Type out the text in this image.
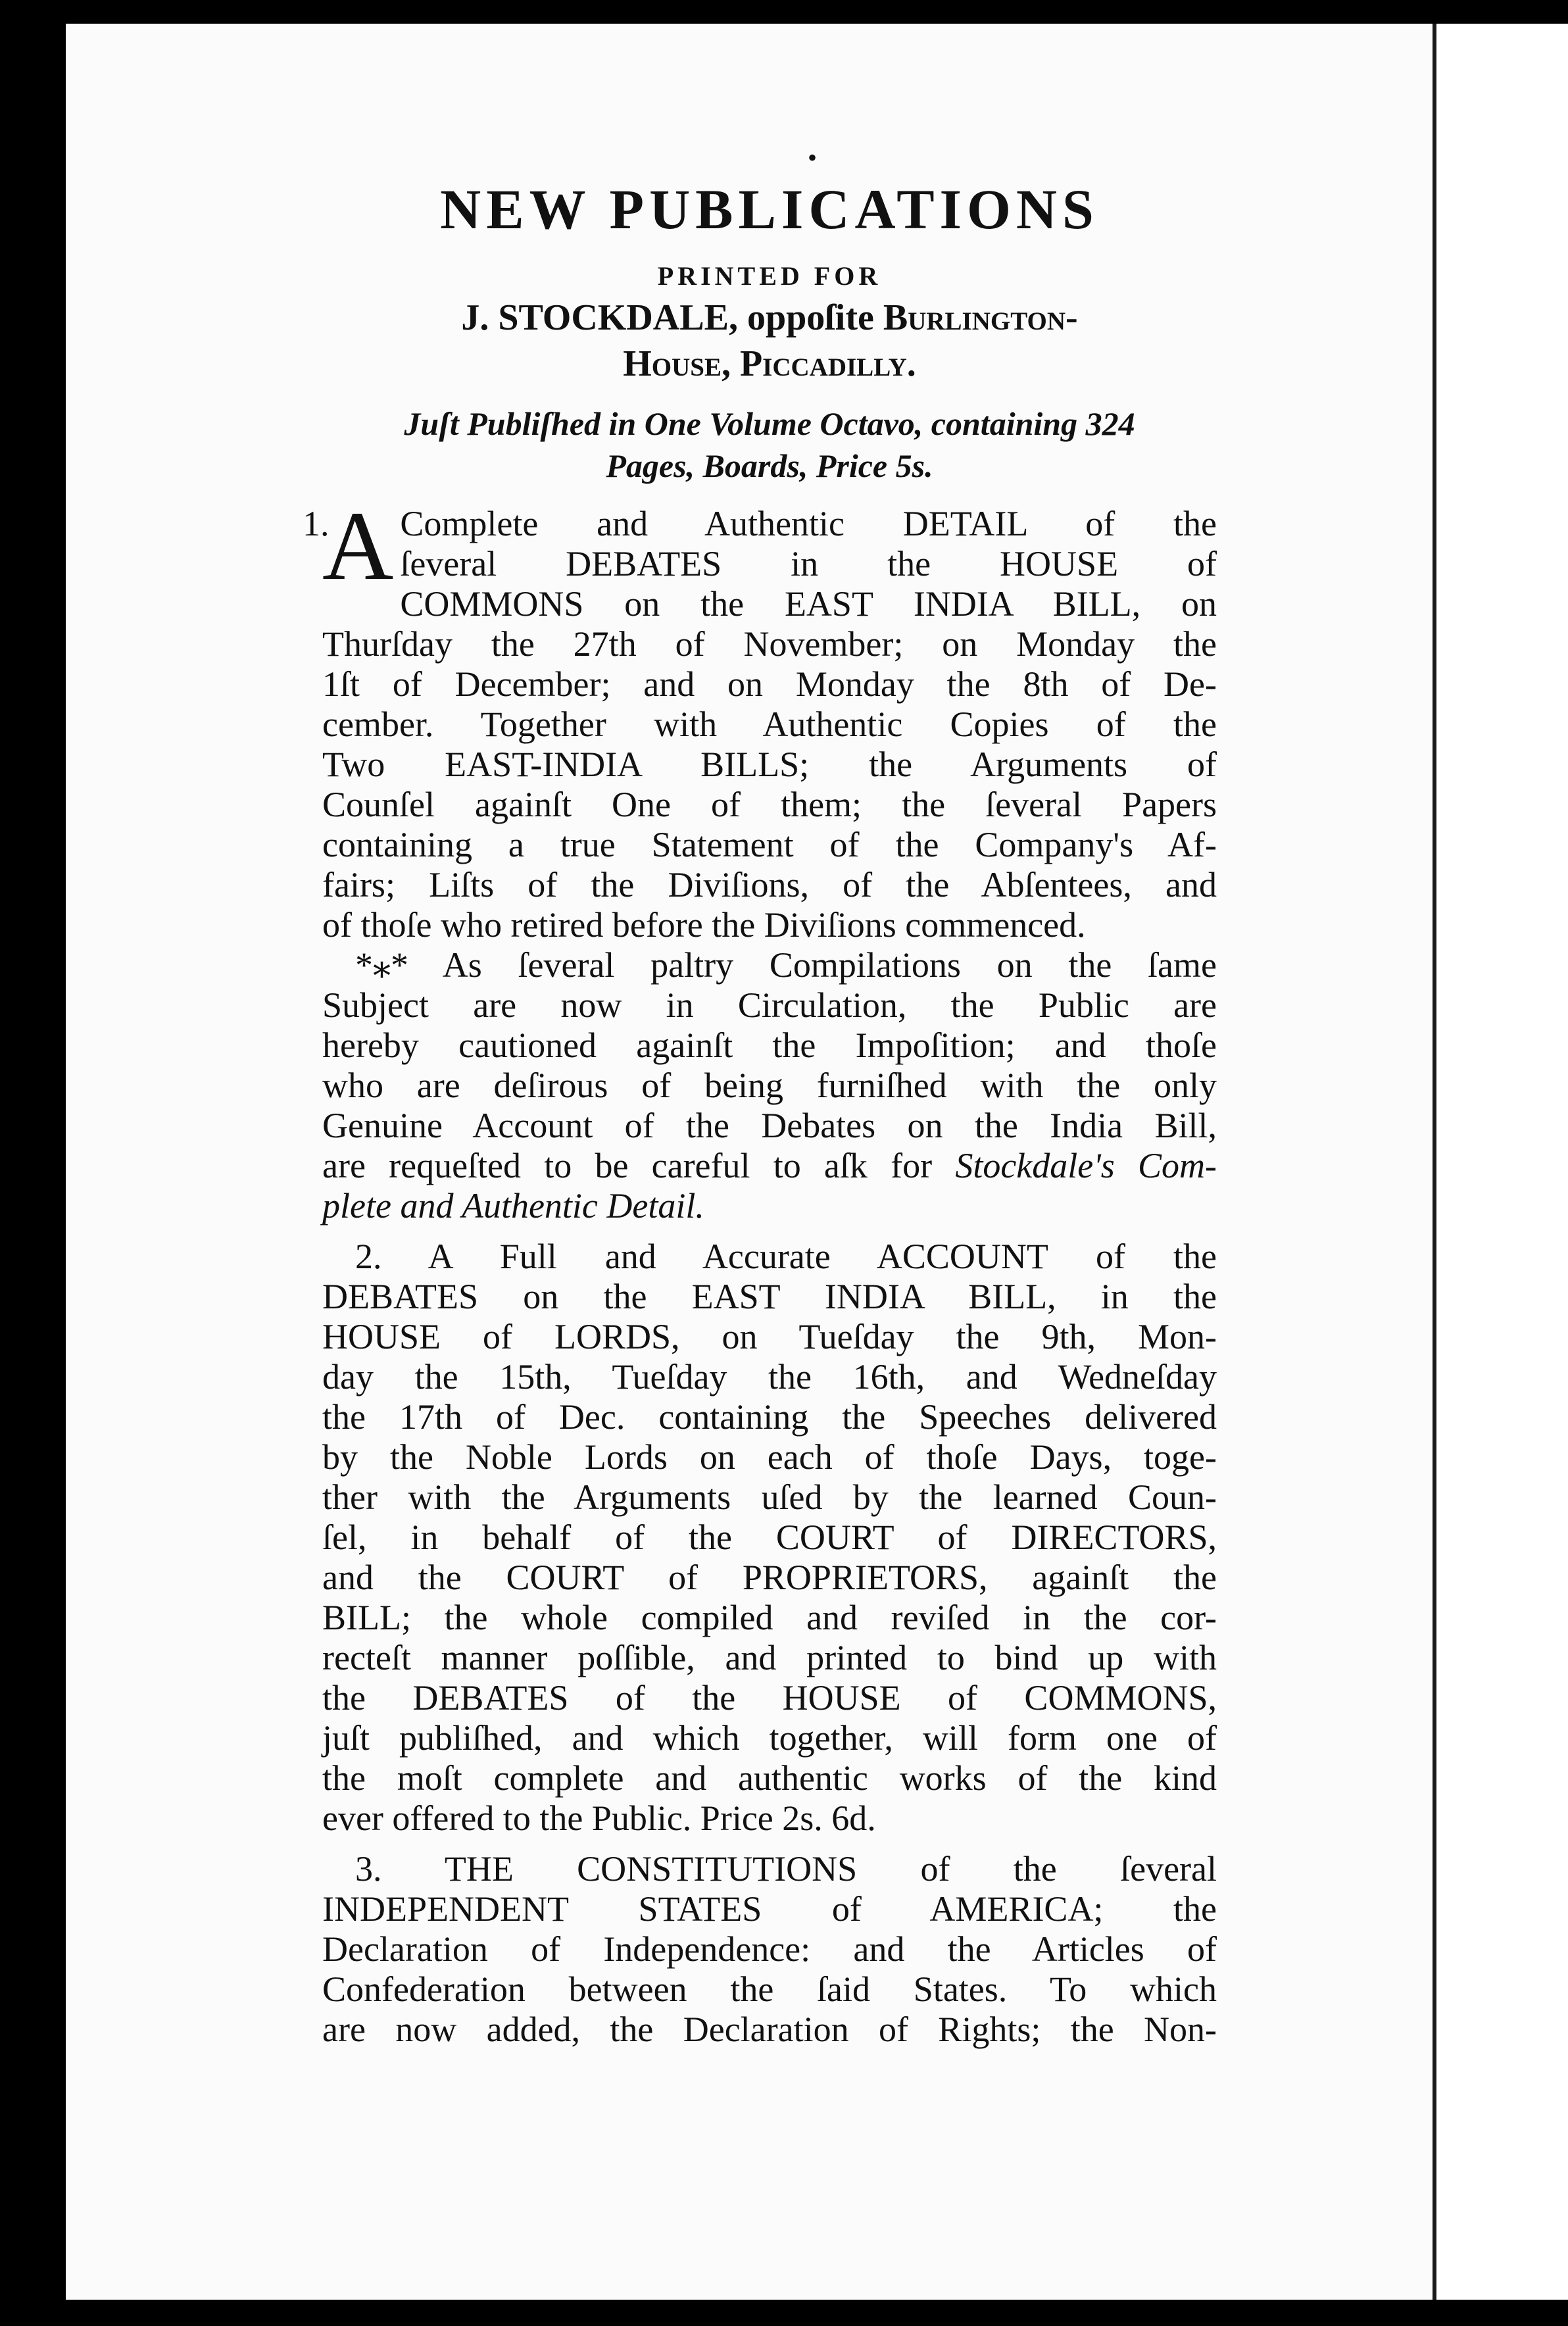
•
NEW PUBLICATIONS
PRINTED FOR
J. STOCKDALE, oppoſite Burlington-
House, Piccadilly.
Juſt Publiſhed in One Volume Octavo, containing 324
Pages, Boards, Price 5s.
1.
A Complete and Authentic DETAIL of the
ſeveral DEBATES in the HOUSE of
COMMONS on the EAST INDIA BILL, on
Thurſday the 27th of November; on Monday the
1ſt of December; and on Monday the 8th of De-
cember. Together with Authentic Copies of the
Two EAST-INDIA BILLS; the Arguments of
Counſel againſt One of them; the ſeveral Papers
containing a true Statement of the Company's Af-
fairs; Liſts of the Diviſions, of the Abſentees, and
of thoſe who retired before the Diviſions commenced.
*⁎* As ſeveral paltry Compilations on the ſame
Subject are now in Circulation, the Public are
hereby cautioned againſt the Impoſition; and thoſe
who are deſirous of being furniſhed with the only
Genuine Account of the Debates on the India Bill,
are requeſted to be careful to aſk for Stockdale's Com-
plete and Authentic Detail.
2. A Full and Accurate ACCOUNT of the
DEBATES on the EAST INDIA BILL, in the
HOUSE of LORDS, on Tueſday the 9th, Mon-
day the 15th, Tueſday the 16th, and Wedneſday
the 17th of Dec. containing the Speeches delivered
by the Noble Lords on each of thoſe Days, toge-
ther with the Arguments uſed by the learned Coun-
ſel, in behalf of the COURT of DIRECTORS,
and the COURT of PROPRIETORS, againſt the
BILL; the whole compiled and reviſed in the cor-
recteſt manner poſſible, and printed to bind up with
the DEBATES of the HOUSE of COMMONS,
juſt publiſhed, and which together, will form one of
the moſt complete and authentic works of the kind
ever offered to the Public. Price 2s. 6d.
3. THE CONSTITUTIONS of the ſeveral
INDEPENDENT STATES of AMERICA; the
Declaration of Independence: and the Articles of
Confederation between the ſaid States. To which
are now added, the Declaration of Rights; the Non-
